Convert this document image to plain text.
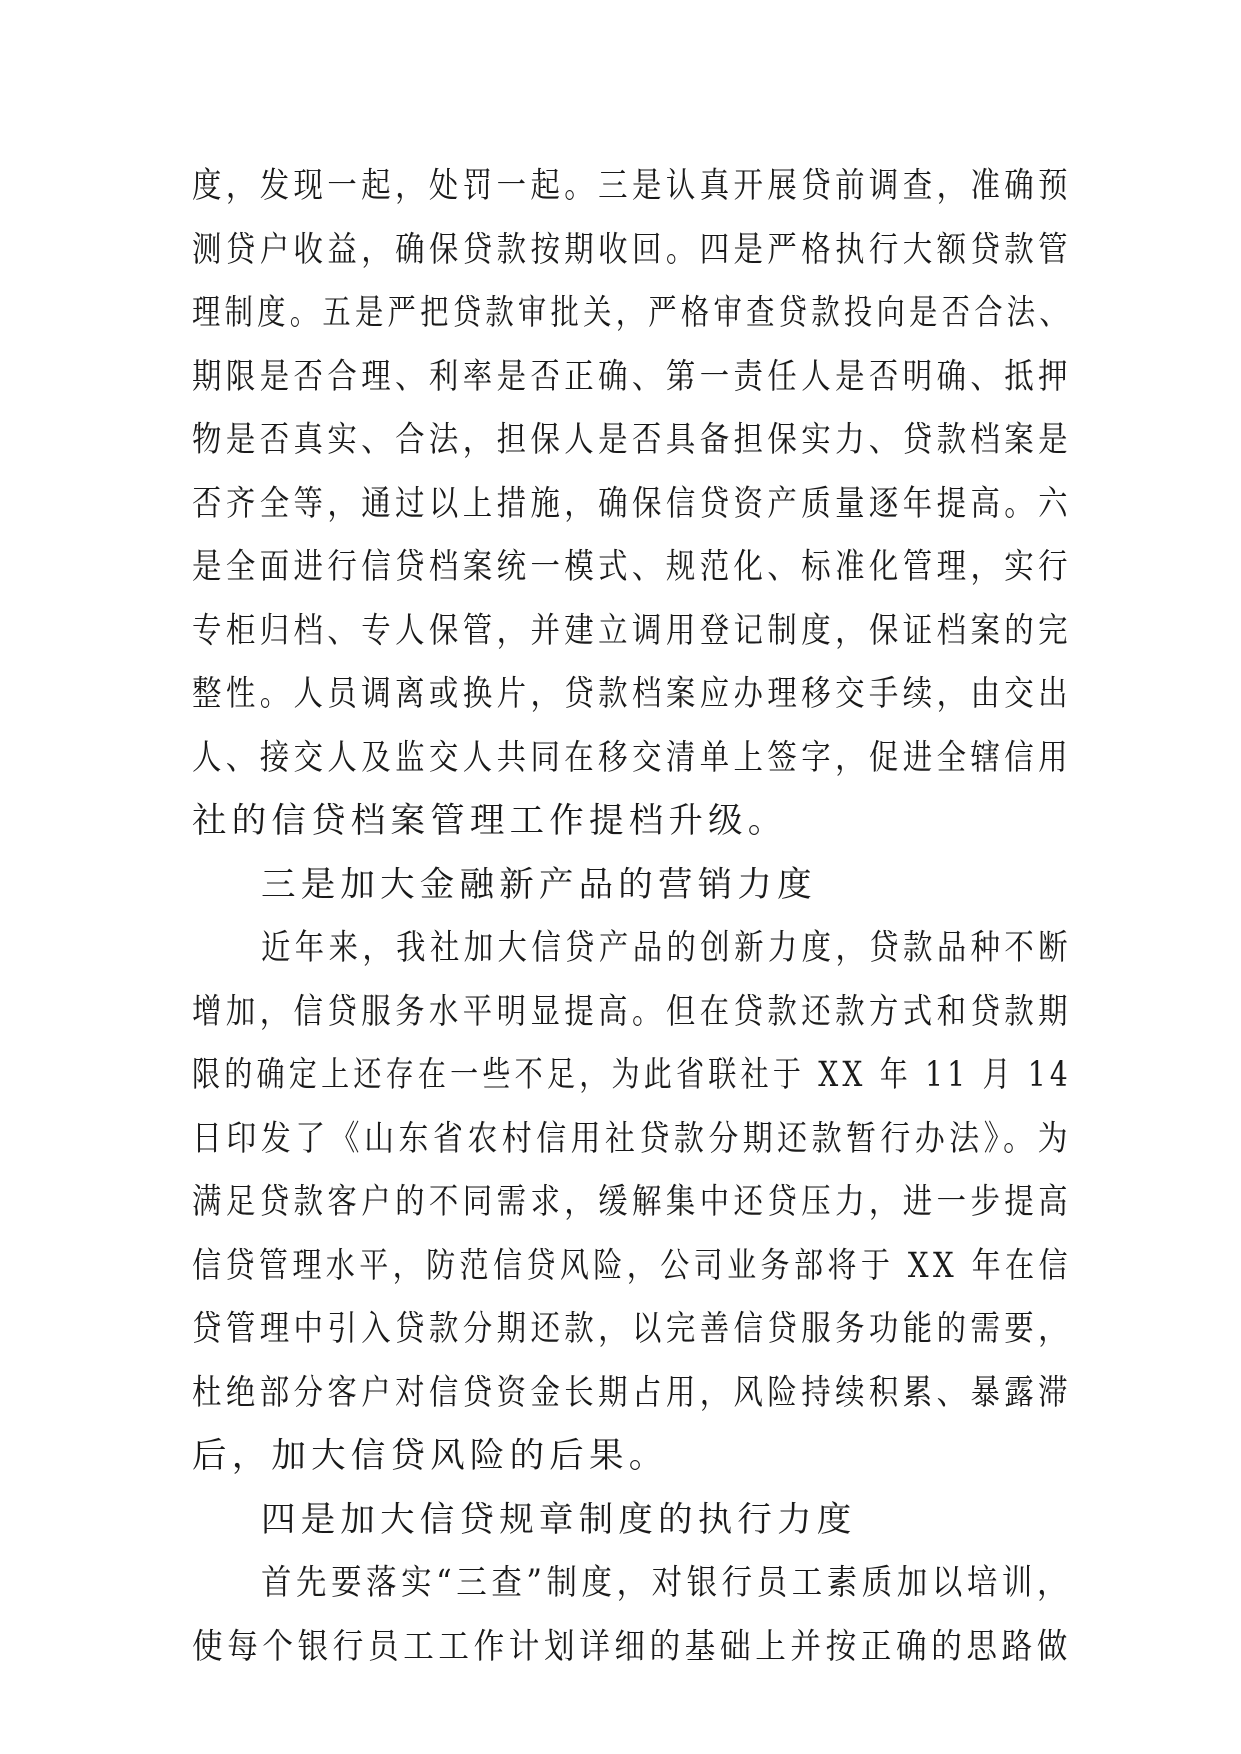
度，发现一起，处罚一起。三是认真开展贷前调查，准确预
测贷户收益，确保贷款按期收回。四是严格执行大额贷款管
理制度。五是严把贷款审批关，严格审查贷款投向是否合法、
期限是否合理、利率是否正确、第一责任人是否明确、抵押
物是否真实、合法，担保人是否具备担保实力、贷款档案是
否齐全等，通过以上措施，确保信贷资产质量逐年提高。六
是全面进行信贷档案统一模式、规范化、标准化管理，实行
专柜归档、专人保管，并建立调用登记制度，保证档案的完
整性。人员调离或换片，贷款档案应办理移交手续，由交出
人、接交人及监交人共同在移交清单上签字，促进全辖信用
社的信贷档案管理工作提档升级。
三是加大金融新产品的营销力度
近年来，我社加大信贷产品的创新力度，贷款品种不断
增加，信贷服务水平明显提高。但在贷款还款方式和贷款期
限的确定上还存在一些不足，为此省联社于 XX 年 11 月 14
日印发了《山东省农村信用社贷款分期还款暂行办法》。为
满足贷款客户的不同需求，缓解集中还贷压力，进一步提高
信贷管理水平，防范信贷风险，公司业务部将于 XX 年在信
贷管理中引入贷款分期还款，以完善信贷服务功能的需要，
杜绝部分客户对信贷资金长期占用，风险持续积累、暴露滞
后，加大信贷风险的后果。
四是加大信贷规章制度的执行力度
首先要落实“三查”制度，对银行员工素质加以培训，
使每个银行员工工作计划详细的基础上并按正确的思路做
